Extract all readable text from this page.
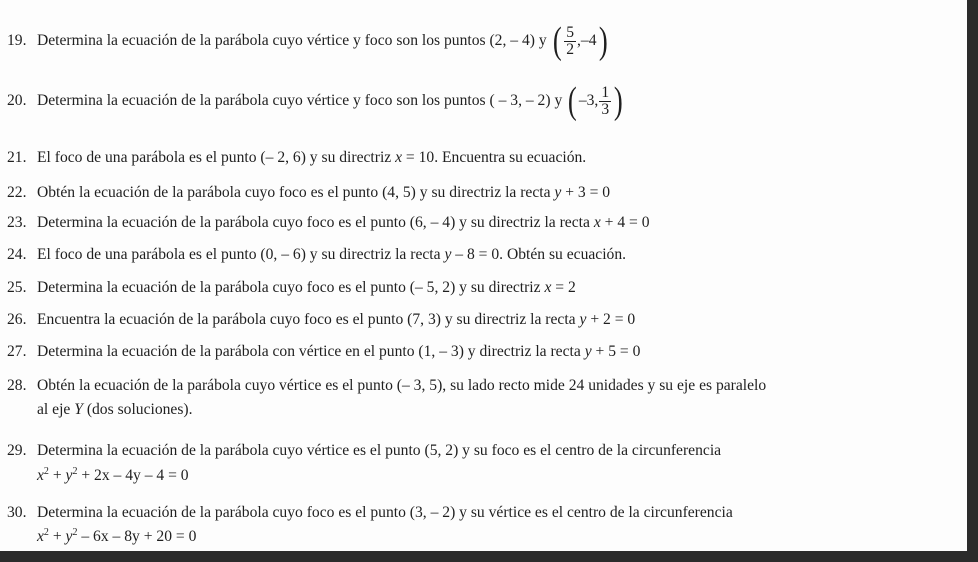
19. Determina la ecuación de la parábola cuyo vértice y foco son los puntos (2, – 4) y ( $\frac{5}{2} ,-4$)
20. Determina la ecuación de la parábola cuyo vértice y foco son los puntos ( – 3, – 2) y ( –3, $\frac{1}{3}$ )
21. El foco de una parábola es el punto (– 2, 6) y su directriz x = 10. Encuentra su ecuación.
22. Obtén la ecuación de la parábola cuyo foco es el punto (4, 5) y su directriz la recta y + 3 = 0
23. Determina la ecuación de la parábola cuyo foco es el punto (6, – 4) y su directriz la recta x + 4 = 0
24. El foco de una parábola es el punto (0, – 6) y su directriz la recta y – 8 = 0. Obtén su ecuación.
25. Determina la ecuación de la parábola cuyo foco es el punto (– 5, 2) y su directriz x = 2
26. Encuentra la ecuación de la parábola cuyo foco es el punto (7, 3) y su directriz la recta y + 2 = 0
27. Determina la ecuación de la parábola con vértice en el punto (1, – 3) y directriz la recta y + 5 = 0
28. Obtén la ecuación de la parábola cuyo vértice es el punto (– 3, 5), su lado recto mide 24 unidades y su eje es paralelo
al eje Y (dos soluciones).
29. Determina la ecuación de la parábola cuyo vértice es el punto (5, 2) y su foco es el centro de la circunferencia
$x^2 + y^2 + 2x - 4y - 4 = 0$
30. Determina la ecuación de la parábola cuyo foco es el punto (3, – 2) y su vértice es el centro de la circunferencia
$x^2 + y^2 - 6x - 8y + 20 = 0$
